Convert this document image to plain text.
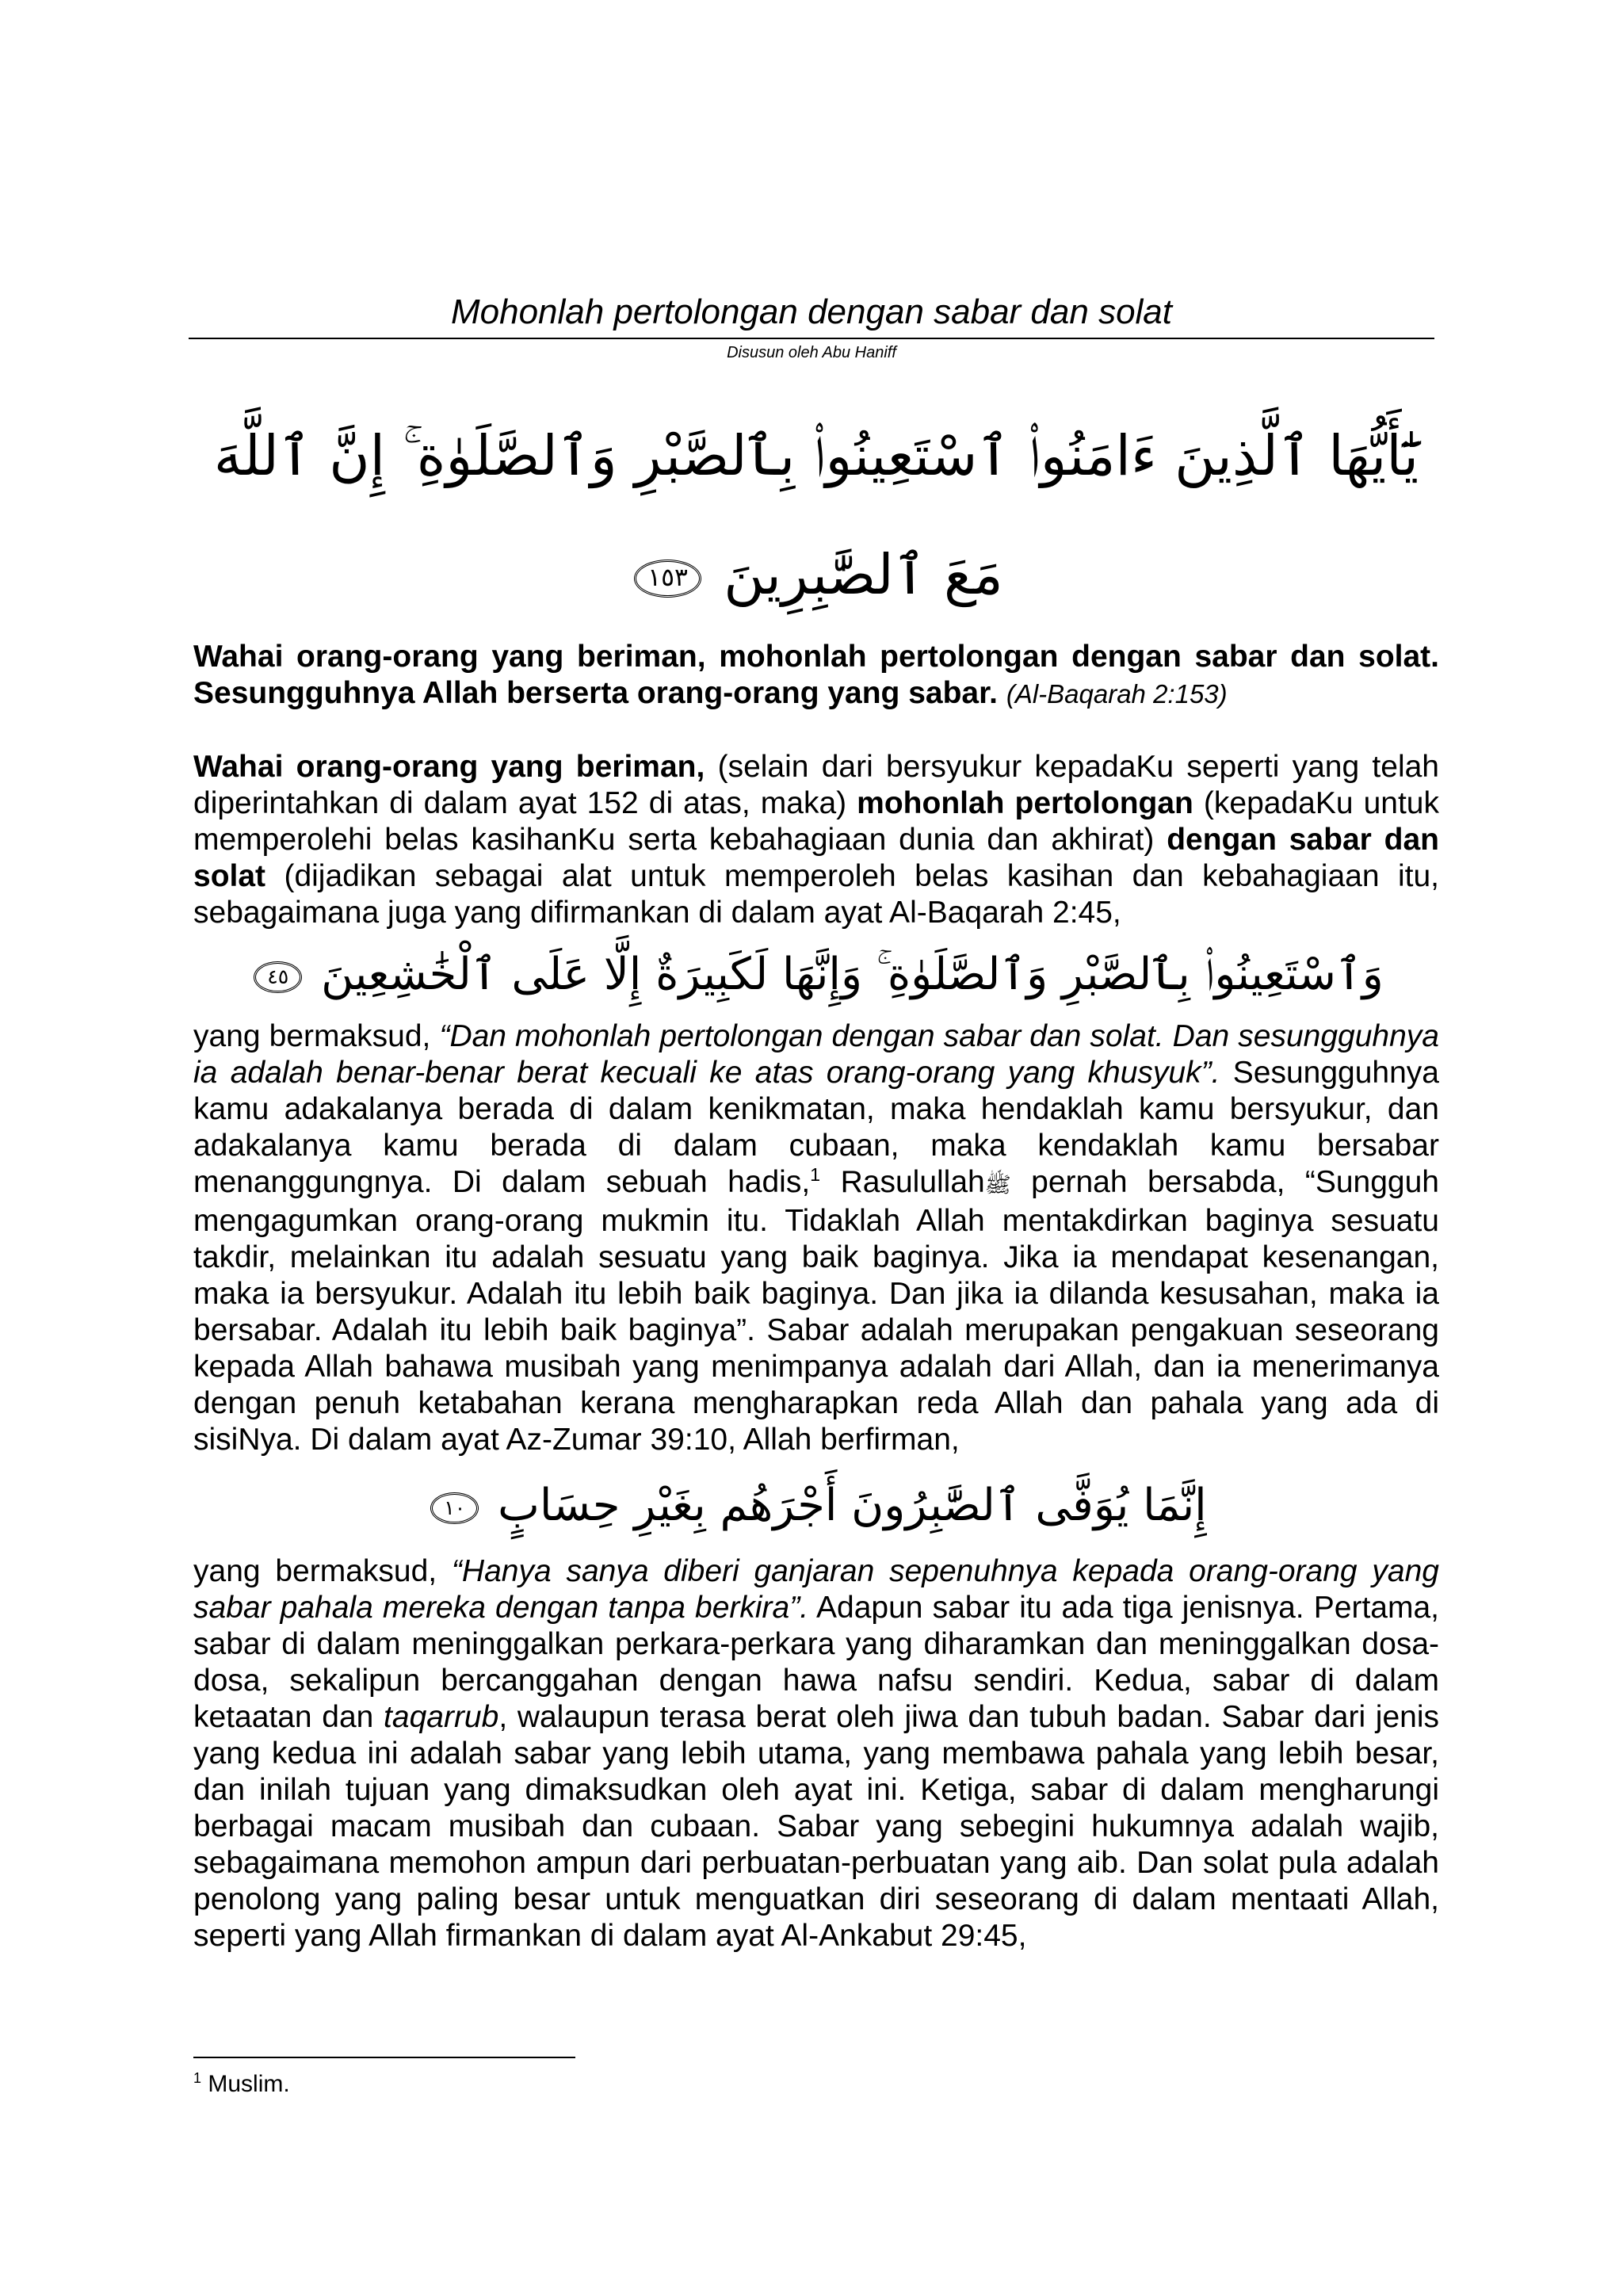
Mohonlah pertolongan dengan sabar dan solat
Disusun oleh Abu Haniff
يَٰٓأَيُّهَا ٱلَّذِينَ ءَامَنُوا۟ ٱسْتَعِينُوا۟ بِٱلصَّبْرِ وَٱلصَّلَوٰةِ ۚ إِنَّ ٱللَّهَ مَعَ ٱلصَّٰبِرِينَ ١٥٣

Wahai orang-orang yang beriman, mohonlah pertolongan dengan sabar dan solat. Sesungguhnya Allah berserta orang-orang yang sabar. (Al-Baqarah 2:153)

Wahai orang-orang yang beriman, (selain dari bersyukur kepadaKu seperti yang telah diperintahkan di dalam ayat 152 di atas, maka) mohonlah pertolongan (kepadaKu untuk memperolehi belas kasihanKu serta kebahagiaan dunia dan akhirat) dengan sabar dan solat (dijadikan sebagai alat untuk memperoleh belas kasihan dan kebahagiaan itu, sebagaimana juga yang difirmankan di dalam ayat Al-Baqarah 2:45,

وَٱسْتَعِينُوا۟ بِٱلصَّبْرِ وَٱلصَّلَوٰةِ ۚ وَإِنَّهَا لَكَبِيرَةٌ إِلَّا عَلَى ٱلْخَٰشِعِينَ ٤٥

yang bermaksud, “Dan mohonlah pertolongan dengan sabar dan solat. Dan sesungguhnya ia adalah benar-benar berat kecuali ke atas orang-orang yang khusyuk”. Sesungguhnya kamu adakalanya berada di dalam kenikmatan, maka hendaklah kamu bersyukur, dan adakalanya kamu berada di dalam cubaan, maka kendaklah kamu bersabar menanggungnya. Di dalam sebuah hadis,$^1$ Rasulullahﷺ pernah bersabda, “Sungguh mengagumkan orang-orang mukmin itu. Tidaklah Allah mentakdirkan baginya sesuatu takdir, melainkan itu adalah sesuatu yang baik baginya. Jika ia mendapat kesenangan, maka ia bersyukur. Adalah itu lebih baik baginya. Dan jika ia dilanda kesusahan, maka ia bersabar. Adalah itu lebih baik baginya”. Sabar adalah merupakan pengakuan seseorang kepada Allah bahawa musibah yang menimpanya adalah dari Allah, dan ia menerimanya dengan penuh ketabahan kerana mengharapkan reda Allah dan pahala yang ada di sisiNya. Di dalam ayat Az-Zumar 39:10, Allah berfirman,

إِنَّمَا يُوَفَّى ٱلصَّٰبِرُونَ أَجْرَهُم بِغَيْرِ حِسَابٍ ١٠

yang bermaksud, “Hanya sanya diberi ganjaran sepenuhnya kepada orang-orang yang sabar pahala mereka dengan tanpa berkira”. Adapun sabar itu ada tiga jenisnya. Pertama, sabar di dalam meninggalkan perkara-perkara yang diharamkan dan meninggalkan dosa-dosa, sekalipun bercanggahan dengan hawa nafsu sendiri. Kedua, sabar di dalam ketaatan dan taqarrub, walaupun terasa berat oleh jiwa dan tubuh badan. Sabar dari jenis yang kedua ini adalah sabar yang lebih utama, yang membawa pahala yang lebih besar, dan inilah tujuan yang dimaksudkan oleh ayat ini. Ketiga, sabar di dalam mengharungi berbagai macam musibah dan cubaan. Sabar yang sebegini hukumnya adalah wajib, sebagaimana memohon ampun dari perbuatan-perbuatan yang aib. Dan solat pula adalah penolong yang paling besar untuk menguatkan diri seseorang di dalam mentaati Allah, seperti yang Allah firmankan di dalam ayat Al-Ankabut 29:45,

$^1$ Muslim.
